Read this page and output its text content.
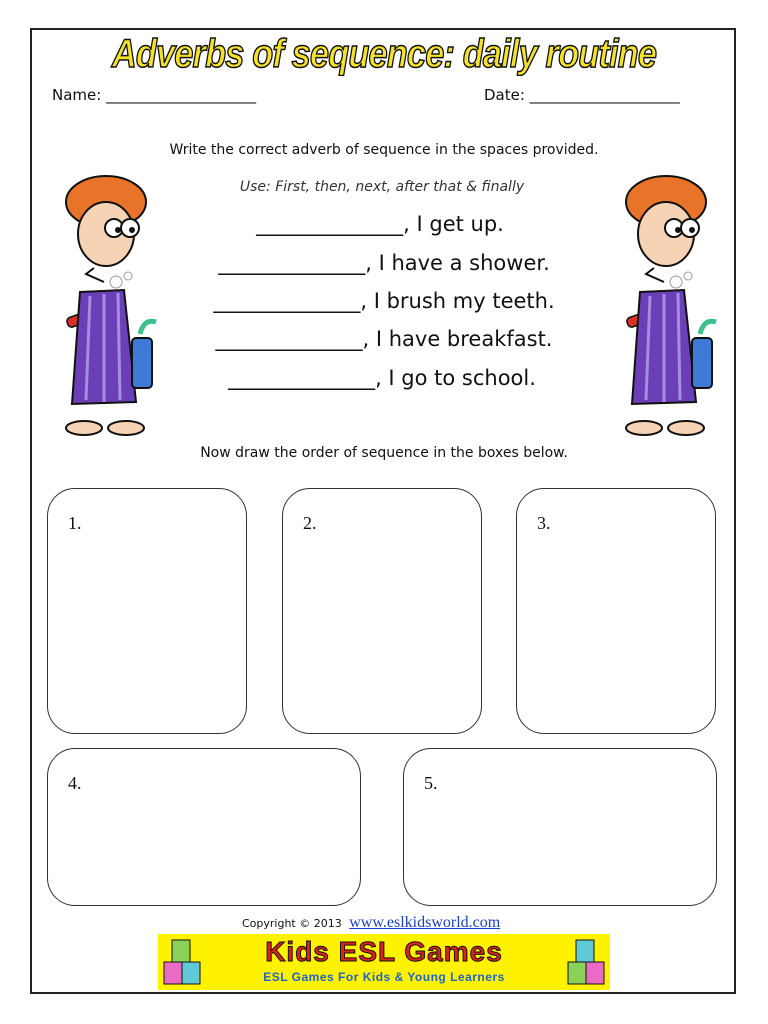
Adverbs of sequence: daily routine
Name: ____________________	Date: ____________________
Write the correct adverb of sequence in the spaces provided.
Use: First, then, next, after that & finally
______________, I get up.
______________, I have a shower.
______________, I brush my teeth.
______________, I have breakfast.
______________, I go to school.
Now draw the order of sequence in the boxes below.
1.	2.	3.
4.	5.
Copyright © 2013 www.eslkidsworld.com
Kids ESL Games
ESL Games For Kids & Young Learners
